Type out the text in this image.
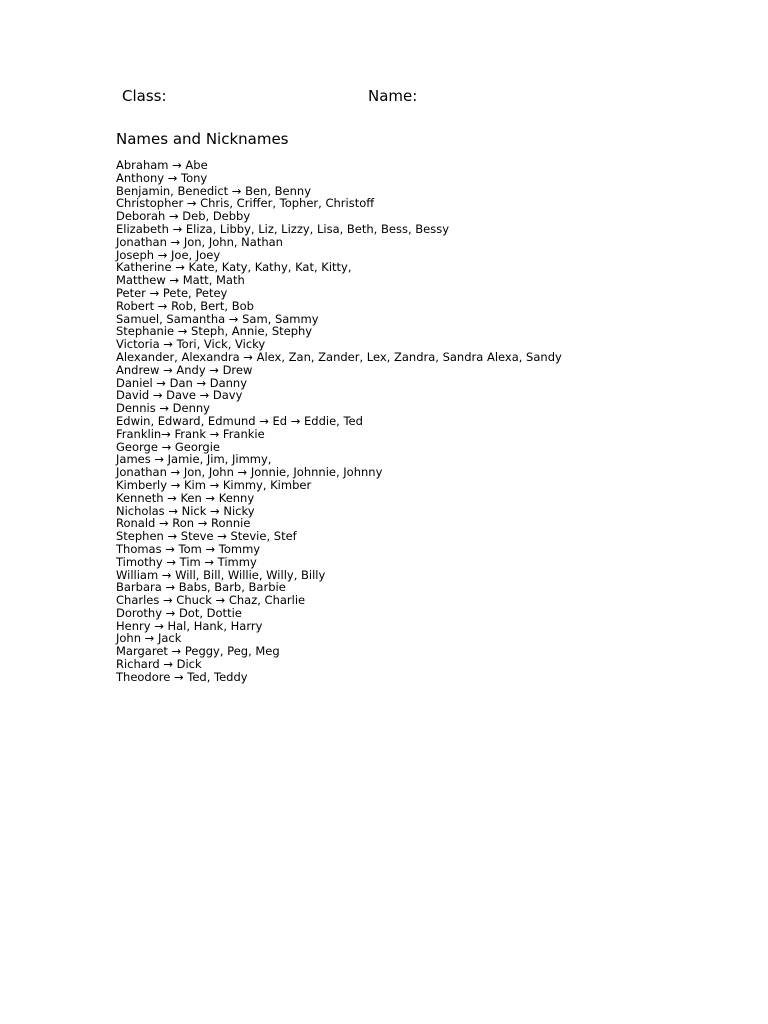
Class:	Name:
Names and Nicknames
Abraham → Abe
Anthony → Tony
Benjamin, Benedict → Ben, Benny
Christopher → Chris, Criffer, Topher, Christoff
Deborah → Deb, Debby
Elizabeth → Eliza, Libby, Liz, Lizzy, Lisa, Beth, Bess, Bessy
Jonathan → Jon, John, Nathan
Joseph → Joe, Joey
Katherine → Kate, Katy, Kathy, Kat, Kitty,
Matthew → Matt, Math
Peter → Pete, Petey
Robert → Rob, Bert, Bob
Samuel, Samantha → Sam, Sammy
Stephanie → Steph, Annie, Stephy
Victoria → Tori, Vick, Vicky
Alexander, Alexandra → Alex, Zan, Zander, Lex, Zandra, Sandra Alexa, Sandy
Andrew → Andy → Drew
Daniel → Dan → Danny
David → Dave → Davy
Dennis → Denny
Edwin, Edward, Edmund → Ed → Eddie, Ted
Franklin→ Frank → Frankie
George → Georgie
James → Jamie, Jim, Jimmy,
Jonathan → Jon, John → Jonnie, Johnnie, Johnny
Kimberly → Kim → Kimmy, Kimber
Kenneth → Ken → Kenny
Nicholas → Nick → Nicky
Ronald → Ron → Ronnie
Stephen → Steve → Stevie, Stef
Thomas → Tom → Tommy
Timothy → Tim → Timmy
William → Will, Bill, Willie, Willy, Billy
Barbara → Babs, Barb, Barbie
Charles → Chuck → Chaz, Charlie
Dorothy → Dot, Dottie
Henry → Hal, Hank, Harry
John → Jack
Margaret → Peggy, Peg, Meg
Richard → Dick
Theodore → Ted, Teddy
